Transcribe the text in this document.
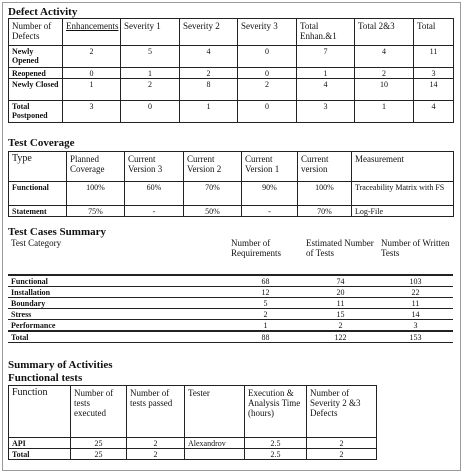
Defect Activity
Number of Defects	Enhancements	Severity 1	Severity 2	Severity 3	Total Enhan.&1	Total 2&3	Total
Newly Opened	2	5	4	0	7	4	11
Reopened	0	1	2	0	1	2	3
Newly Closed	1	2	8	2	4	10	14
Total Postponed	3	0	1	0	3	1	4
Test Coverage
Type	Planned Coverage	Current Version 3	Current Version 2	Current Version 1	Current version	Measurement
Functional	100%	60%	70%	90%	100%	Traceability Matrix with FS
Statement	75%	-	50%	-	70%	Log-File
Test Cases Summary
Test Category	Number of Requirements	Estimated Number of Tests	Number of Written Tests
Functional	68	74	103
Installation	12	20	22
Boundary	5	11	11
Stress	2	15	14
Performance	1	2	3
Total	88	122	153
Summary of Activities
Functional tests
Function	Number of tests executed	Number of tests passed	Tester	Execution & Analysis Time (hours)	Number of Severity 2 &3 Defects
API	25	2	Alexandrov	2.5	2
Total	25	2		2.5	2
